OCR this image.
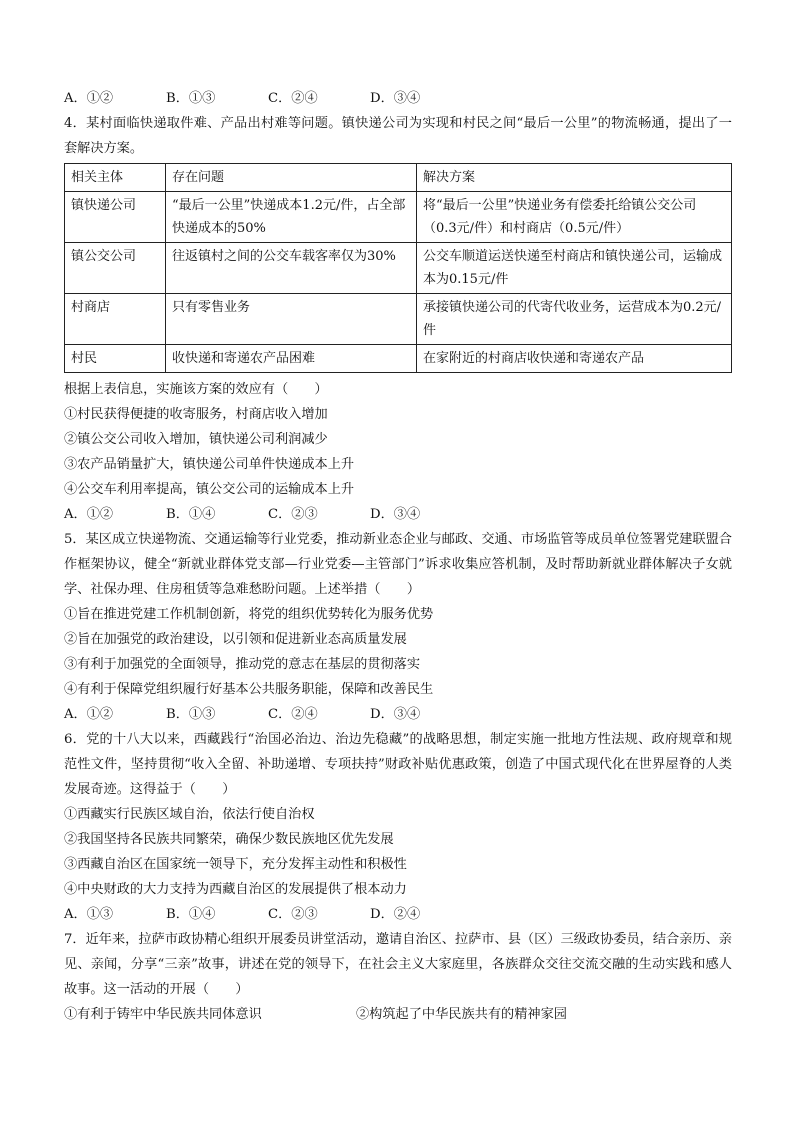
A．①②	B．①③	C．②④	D．③④
4．某村面临快递取件难、产品出村难等问题。镇快递公司为实现和村民之间“最后一公里”的物流畅通，提出了一套解决方案。
相关主体	存在问题	解决方案
镇快递公司	“最后一公里”快递成本1.2元/件，占全部快递成本的50%	将“最后一公里”快递业务有偿委托给镇公交公司（0.3元/件）和村商店（0.5元/件）
镇公交公司	往返镇村之间的公交车载客率仅为30%	公交车顺道运送快递至村商店和镇快递公司，运输成本为0.15元/件
村商店	只有零售业务	承接镇快递公司的代寄代收业务，运营成本为0.2元/件
村民	收快递和寄递农产品困难	在家附近的村商店收快递和寄递农产品
根据上表信息，实施该方案的效应有（　　）
①村民获得便捷的收寄服务，村商店收入增加
②镇公交公司收入增加，镇快递公司利润减少
③农产品销量扩大，镇快递公司单件快递成本上升
④公交车利用率提高，镇公交公司的运输成本上升
A．①②	B．①④	C．②③	D．③④
5．某区成立快递物流、交通运输等行业党委，推动新业态企业与邮政、交通、市场监管等成员单位签署党建联盟合作框架协议，健全“新就业群体党支部—行业党委—主管部门”诉求收集应答机制，及时帮助新就业群体解决子女就学、社保办理、住房租赁等急难愁盼问题。上述举措（　　）
①旨在推进党建工作机制创新，将党的组织优势转化为服务优势
②旨在加强党的政治建设，以引领和促进新业态高质量发展
③有利于加强党的全面领导，推动党的意志在基层的贯彻落实
④有利于保障党组织履行好基本公共服务职能，保障和改善民生
A．①②	B．①③	C．②④	D．③④
6．党的十八大以来，西藏践行“治国必治边、治边先稳藏”的战略思想，制定实施一批地方性法规、政府规章和规范性文件，坚持贯彻“收入全留、补助递增、专项扶持”财政补贴优惠政策，创造了中国式现代化在世界屋脊的人类发展奇迹。这得益于（　　）
①西藏实行民族区域自治，依法行使自治权
②我国坚持各民族共同繁荣，确保少数民族地区优先发展
③西藏自治区在国家统一领导下，充分发挥主动性和积极性
④中央财政的大力支持为西藏自治区的发展提供了根本动力
A．①③	B．①④	C．②③	D．②④
7．近年来，拉萨市政协精心组织开展委员讲堂活动，邀请自治区、拉萨市、县（区）三级政协委员，结合亲历、亲见、亲闻，分享“三亲”故事，讲述在党的领导下，在社会主义大家庭里，各族群众交往交流交融的生动实践和感人故事。这一活动的开展（　　）
①有利于铸牢中华民族共同体意识	②构筑起了中华民族共有的精神家园
